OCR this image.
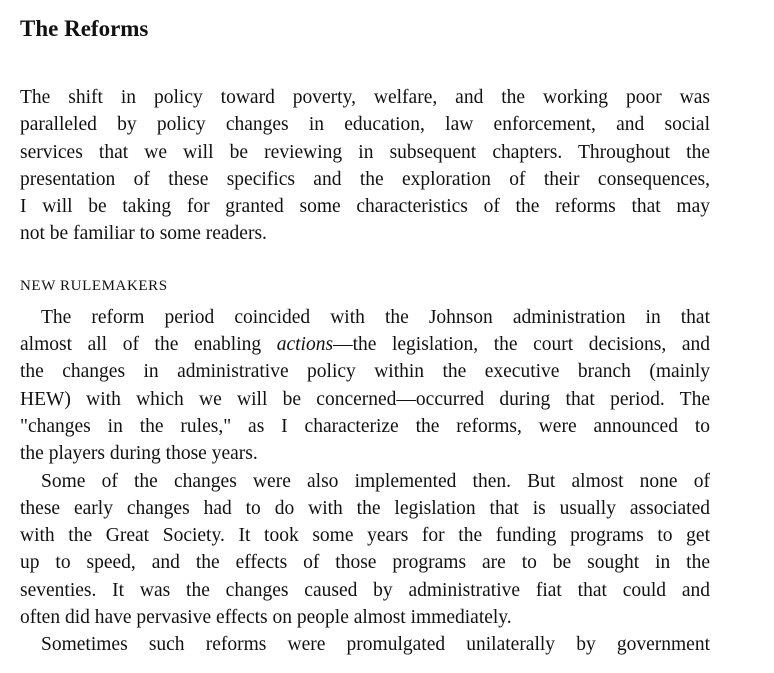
The Reforms

The shift in policy toward poverty, welfare, and the working poor was
paralleled by policy changes in education, law enforcement, and social
services that we will be reviewing in subsequent chapters. Throughout the
presentation of these specifics and the exploration of their consequences,
I will be taking for granted some characteristics of the reforms that may
not be familiar to some readers.

NEW RULEMAKERS

The reform period coincided with the Johnson administration in that
almost all of the enabling actions—the legislation, the court decisions, and
the changes in administrative policy within the executive branch (mainly
HEW) with which we will be concerned—occurred during that period. The
"changes in the rules," as I characterize the reforms, were announced to
the players during those years.

Some of the changes were also implemented then. But almost none of
these early changes had to do with the legislation that is usually associated
with the Great Society. It took some years for the funding programs to get
up to speed, and the effects of those programs are to be sought in the
seventies. It was the changes caused by administrative fiat that could and
often did have pervasive effects on people almost immediately.

Sometimes such reforms were promulgated unilaterally by government
